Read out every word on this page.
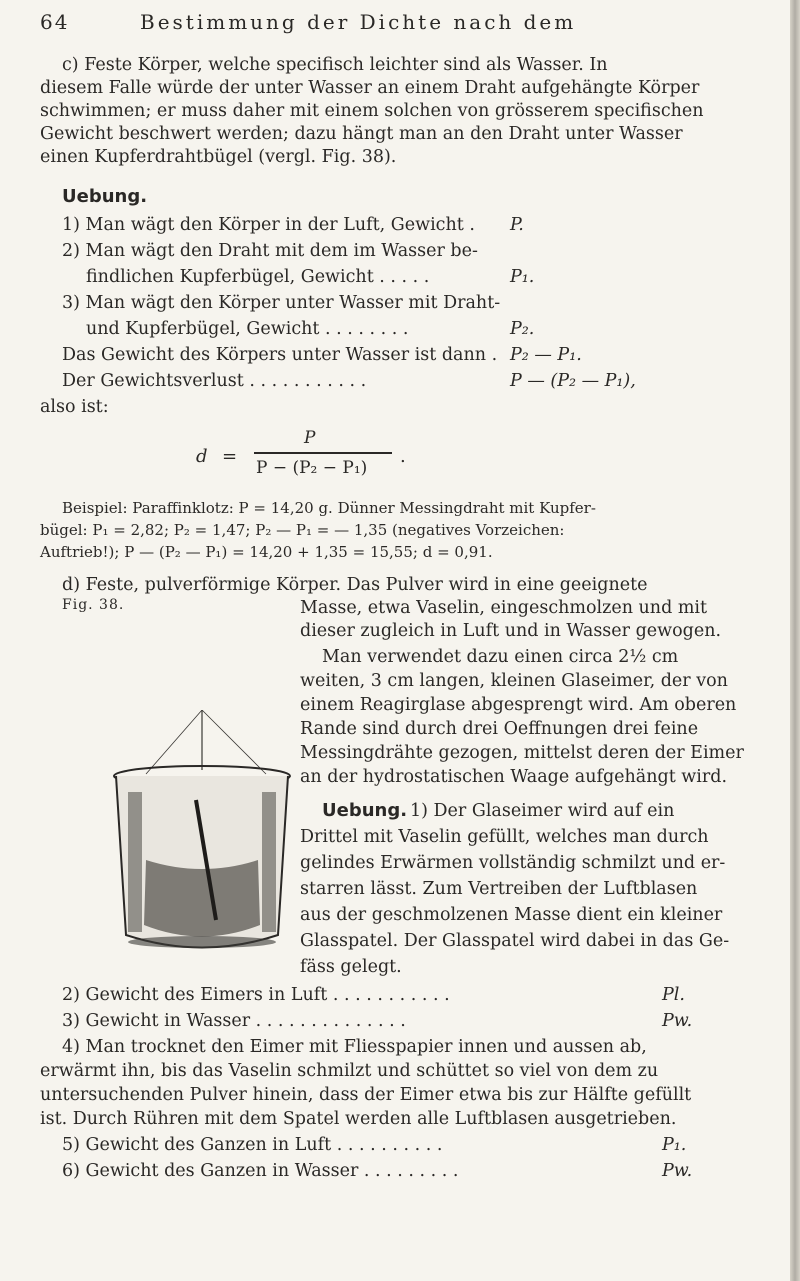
64	Bestimmung der Dichte nach dem
c) Feste Körper, welche specifisch leichter sind als Wasser. In
diesem Falle würde der unter Wasser an einem Draht aufgehängte Körper
schwimmen; er muss daher mit einem solchen von grösserem specifischen
Gewicht beschwert werden; dazu hängt man an den Draht unter Wasser
einen Kupferdrahtbügel (vergl. Fig. 38).
Uebung.
1) Man wägt den Körper in der Luft, Gewicht . P.
2) Man wägt den Draht mit dem im Wasser be-
findlichen Kupferbügel, Gewicht . . . . .	P₁.
3) Man wägt den Körper unter Wasser mit Draht-
und Kupferbügel, Gewicht . . . . . . . .	P₂.
Das Gewicht des Körpers unter Wasser ist dann . P₂ — P₁.
Der Gewichtsverlust . . . . . . . . . . .	P — (P₂ — P₁),
also ist:
d =
P
P − (P₂ − P₁)
.
Beispiel: Paraffinklotz: P = 14,20 g. Dünner Messingdraht mit Kupfer-
bügel: P₁ = 2,82; P₂ = 1,47; P₂ — P₁ = — 1,35 (negatives Vorzeichen:
Auftrieb!); P — (P₂ — P₁) = 14,20 + 1,35 = 15,55; d = 0,91.
d) Feste, pulverförmige Körper. Das Pulver wird in eine geeignete
Fig. 38.	Masse, etwa Vaselin, eingeschmolzen und mit
dieser zugleich in Luft und in Wasser gewogen.
Man verwendet dazu einen circa 2½ cm
weiten, 3 cm langen, kleinen Glaseimer, der von
einem Reagirglase abgesprengt wird. Am oberen
Rande sind durch drei Oeffnungen drei feine
Messingdrähte gezogen, mittelst deren der Eimer
an der hydrostatischen Waage aufgehängt wird.
Uebung. 1) Der Glaseimer wird auf ein
Drittel mit Vaselin gefüllt, welches man durch
gelindes Erwärmen vollständig schmilzt und er-
starren lässt. Zum Vertreiben der Luftblasen
aus der geschmolzenen Masse dient ein kleiner
Glasspatel. Der Glasspatel wird dabei in das Ge-
fäss gelegt.
2) Gewicht des Eimers in Luft . . . . . . . . . . .	Pl.
3) Gewicht in Wasser . . . . . . . . . . . . . .	Pw.
4) Man trocknet den Eimer mit Fliesspapier innen und aussen ab,
erwärmt ihn, bis das Vaselin schmilzt und schüttet so viel von dem zu
untersuchenden Pulver hinein, dass der Eimer etwa bis zur Hälfte gefüllt
ist. Durch Rühren mit dem Spatel werden alle Luftblasen ausgetrieben.
5) Gewicht des Ganzen in Luft . . . . . . . . . .	P₁.
6) Gewicht des Ganzen in Wasser . . . . . . . . .	Pw.
